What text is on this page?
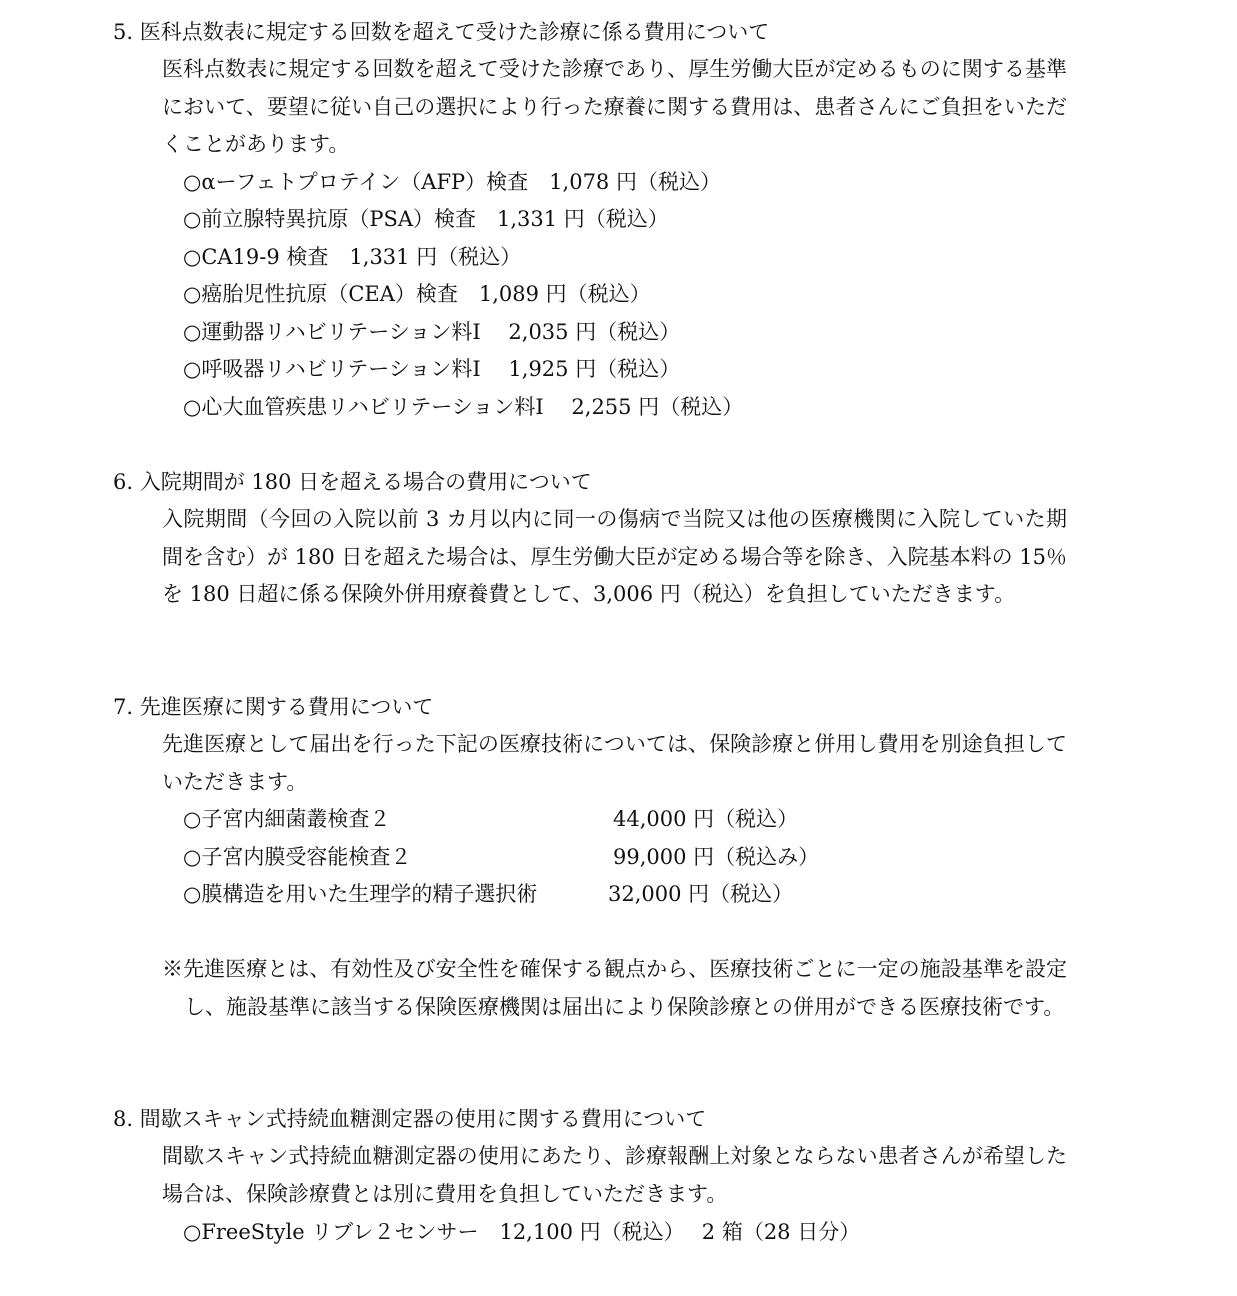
5. 医科点数表に規定する回数を超えて受けた診療に係る費用について
医科点数表に規定する回数を超えて受けた診療であり、厚生労働大臣が定めるものに関する基準において、要望に従い自己の選択により行った療養に関する費用は、患者さんにご負担をいただくことがあります。
○αーフェトプロテイン（AFP）検査　1,078 円（税込）
○前立腺特異抗原（PSA）検査　1,331 円（税込）
○CA19-9 検査　1,331 円（税込）
○癌胎児性抗原（CEA）検査　1,089 円（税込）
○運動器リハビリテーション料Ⅰ　 2,035 円（税込）
○呼吸器リハビリテーション料Ⅰ　 1,925 円（税込）
○心大血管疾患リハビリテーション料Ⅰ　 2,255 円（税込）
6. 入院期間が 180 日を超える場合の費用について
入院期間（今回の入院以前 3 カ月以内に同一の傷病で当院又は他の医療機関に入院していた期間を含む）が 180 日を超えた場合は、厚生労働大臣が定める場合等を除き、入院基本料の 15％を 180 日超に係る保険外併用療養費として、3,006 円（税込）を負担していただきます。
7. 先進医療に関する費用について
先進医療として届出を行った下記の医療技術については、保険診療と併用し費用を別途負担していただきます。
○子宮内細菌叢検査２	44,000 円（税込）
○子宮内膜受容能検査２	99,000 円（税込み）
○膜構造を用いた生理学的精子選択術	32,000 円（税込）
※先進医療とは、有効性及び安全性を確保する観点から、医療技術ごとに一定の施設基準を設定し、施設基準に該当する保険医療機関は届出により保険診療との併用ができる医療技術です。
8. 間歇スキャン式持続血糖測定器の使用に関する費用について
間歇スキャン式持続血糖測定器の使用にあたり、診療報酬上対象とならない患者さんが希望した場合は、保険診療費とは別に費用を負担していただきます。
○FreeStyle リブレ２センサー　12,100 円（税込）　 2 箱（28 日分）
